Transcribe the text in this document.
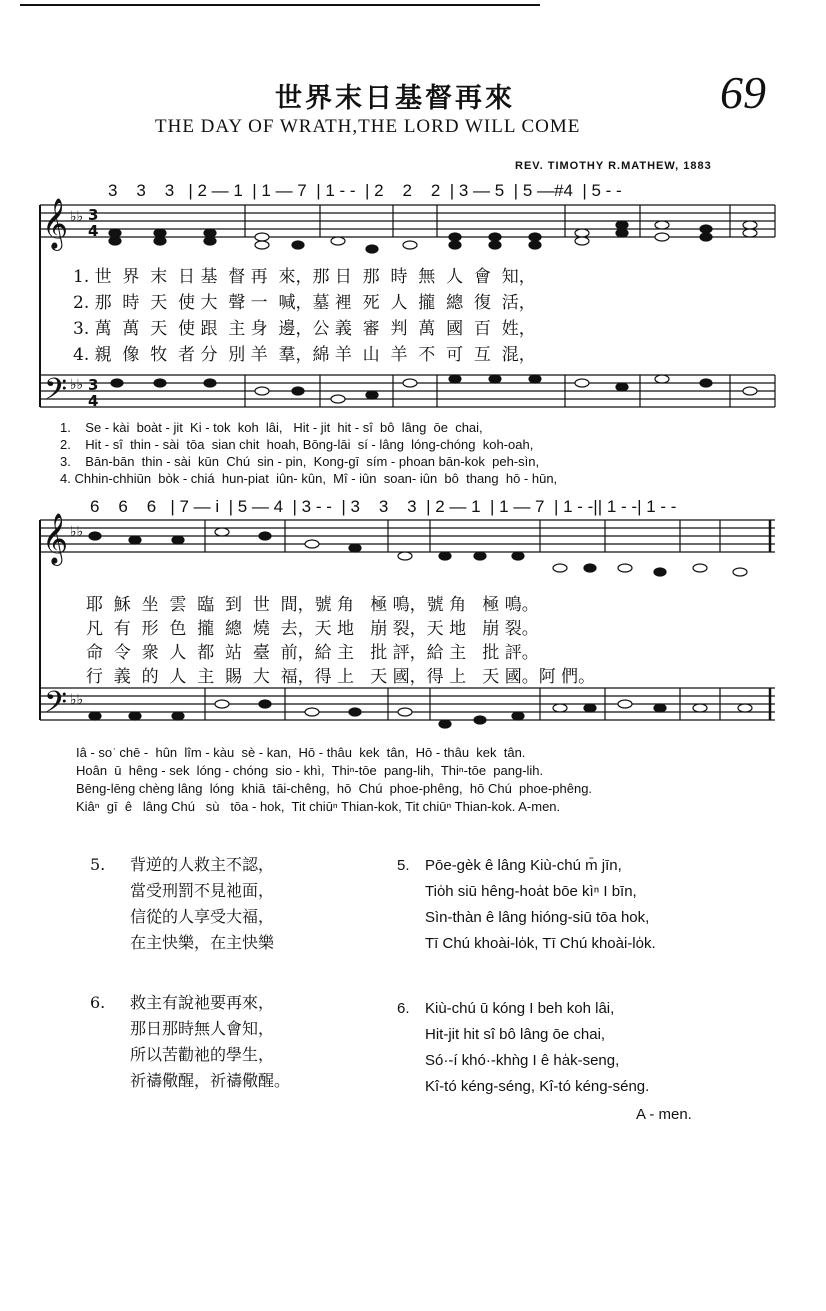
世界末日基督再來
THE DAY OF WRATH,THE LORD WILL COME
69
REV. TIMOTHY R.MATHEW, 1883
3    3    3   | 2 — 1  | 1 — 7  | 1 - -  | 2    2    2  | 3 — 5  | 5 —#4  | 5 - -
6    6    6   | 7 — i  | 5 — 4  | 3 - -  | 3    3    3  | 2 — 1  | 1 — 7  | 1 - -|| 1 - -| 1 - -
𝄞
𝄢
𝄞
𝄢
♭♭
♭♭
♭♭
♭♭
3
4
3
4
1. 世  界  末  日 基  督 再  來，那 日  那  時  無  人  會  知，
2. 那  時  天  使 大  聲 一  喊，墓 裡  死  人  攏  總  復  活，
3. 萬  萬  天  使 跟  主 身  邊，公 義  審  判  萬  國  百  姓，
4. 親  像  牧  者 分  別 羊  羣，綿 羊  山  羊  不  可  互  混，
1.    Se - kài  boàt - jit  Ki - tok  koh  lâi,   Hit - jit  hit - sî  bô  lâng  ōe  chai,
2.    Hit - sî  thin - sài  tōa  sian chit  hoah, Bōng-lāi  sí - lâng  lóng-chóng  koh-oah,
3.    Bān-bān  thin - sài  kūn  Chú  sin - pin,  Kong-gī  sím - phoan bān-kok  peh-sìn,
4. Chhin-chhiūn  bòk - chiá  hun-piat  iûn- kûn,  Mî - iûn  soan- iûn  bô  thang  hō - hūn,
耶  穌  坐  雲  臨  到  世  間，號 角   極 鳴，號 角   極 鳴。
凡  有  形  色  攏  總  燒  去，天 地   崩 裂，天 地   崩 裂。
命  令  衆  人  都  站  臺  前，給 主   批 評，給 主   批 評。
行  義  的  人  主  賜  大  福，得 上   天 國，得 上   天 國。阿 們。
Iâ - so͘  chē -  hûn  lîm - kàu  sè - kan,  Hō - thâu  kek  tân,  Hō - thâu  kek  tân.
Hoân  ū  hêng - sek  lóng - chóng  sio - khì,  Thiⁿ-tōe  pang-lih,  Thiⁿ-tōe  pang-lih.
Bēng-lēng chèng lâng  lóng  khiā  tāi-chêng,  hō  Chú  phoe-phêng,  hō Chú  phoe-phêng.
Kiâⁿ  gī  ê   lâng Chú   sù   tōa - hok,  Tit chiūⁿ Thian-kok, Tit chiūⁿ Thian-kok. A-men.
5. 背逆的人救主不認，
當受刑罰不見祂面，
信從的人享受大福，
在主快樂，在主快樂
5. Pōe-gèk ê lâng Kiù-chú m̄ jīn,
Tio̍h siū hêng-hoa̍t bōe kìⁿ I bīn,
Sìn-thàn ê lâng hióng-siū tōa hok,
Tī Chú khoài-lo̍k, Tī Chú khoài-lo̍k.
6. 救主有說祂要再來，
那日那時無人會知，
所以苦勸祂的學生，
祈禱儆醒，祈禱儆醒。
6. Kiù-chú ū kóng I beh koh lâi,
Hit-jit hit sî bô lâng ōe chai,
Só·-í khó·-khǹg I ê ha̍k-seng,
Kî-tó kéng-séng, Kî-tó kéng-séng.
A - men.
